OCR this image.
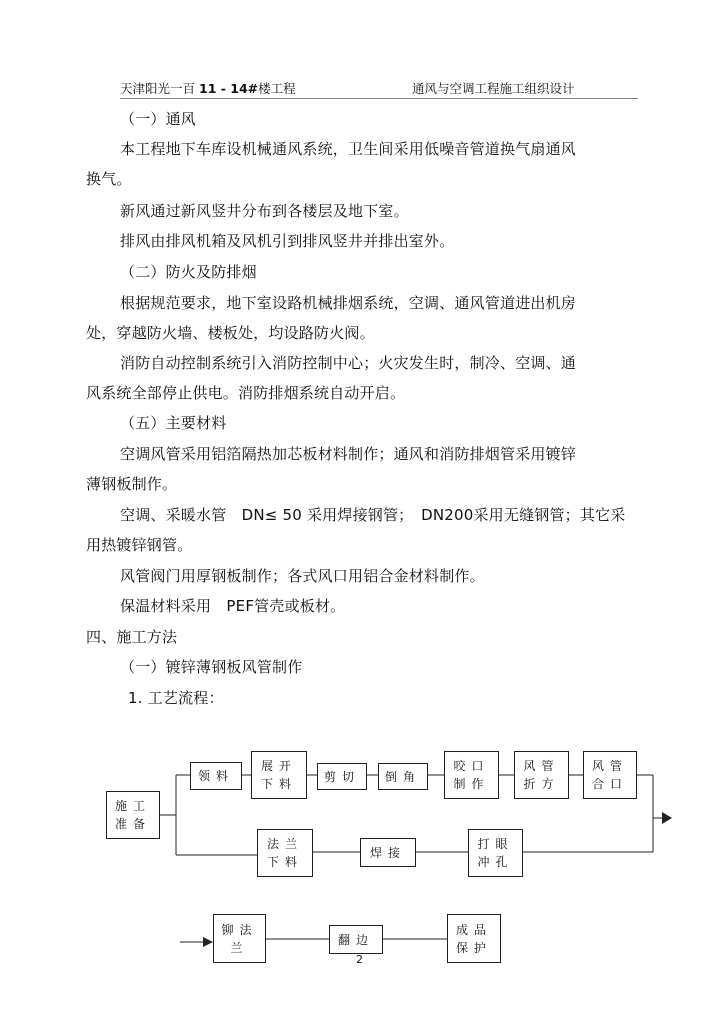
天津阳光一百 11 - 14#楼工程	通风与空调工程施工组织设计
（一）通风
本工程地下车库设机械通风系统，卫生间采用低噪音管道换气扇通风
换气。
新风通过新风竖井分布到各楼层及地下室。
排风由排风机箱及风机引到排风竖井并排出室外。
（二）防火及防排烟
根据规范要求，地下室设路机械排烟系统，空调、通风管道进出机房
处，穿越防火墙、楼板处，均设路防火阀。
消防自动控制系统引入消防控制中心；火灾发生时，制冷、空调、通
风系统全部停止供电。消防排烟系统自动开启。
（五）主要材料
空调风管采用铝箔隔热加芯板材料制作；通风和消防排烟管采用镀锌
薄钢板制作。
空调、采暖水管　DN≤ 50 采用焊接钢管；　DN200采用无缝钢管；其它采
用热镀锌钢管。
风管阀门用厚钢板制作；各式风口用铝合金材料制作。
保温材料采用　PEF管壳或板材。
四、施工方法
（一）镀锌薄钢板风管制作
1. 工艺流程：
施工
准备
领料
展开
下料
剪切 倒角
咬口
制作
风管
折方
风管
合口
法兰
下料
焊接
打眼
冲孔
铆法
兰
翻边
成品
保护
2
